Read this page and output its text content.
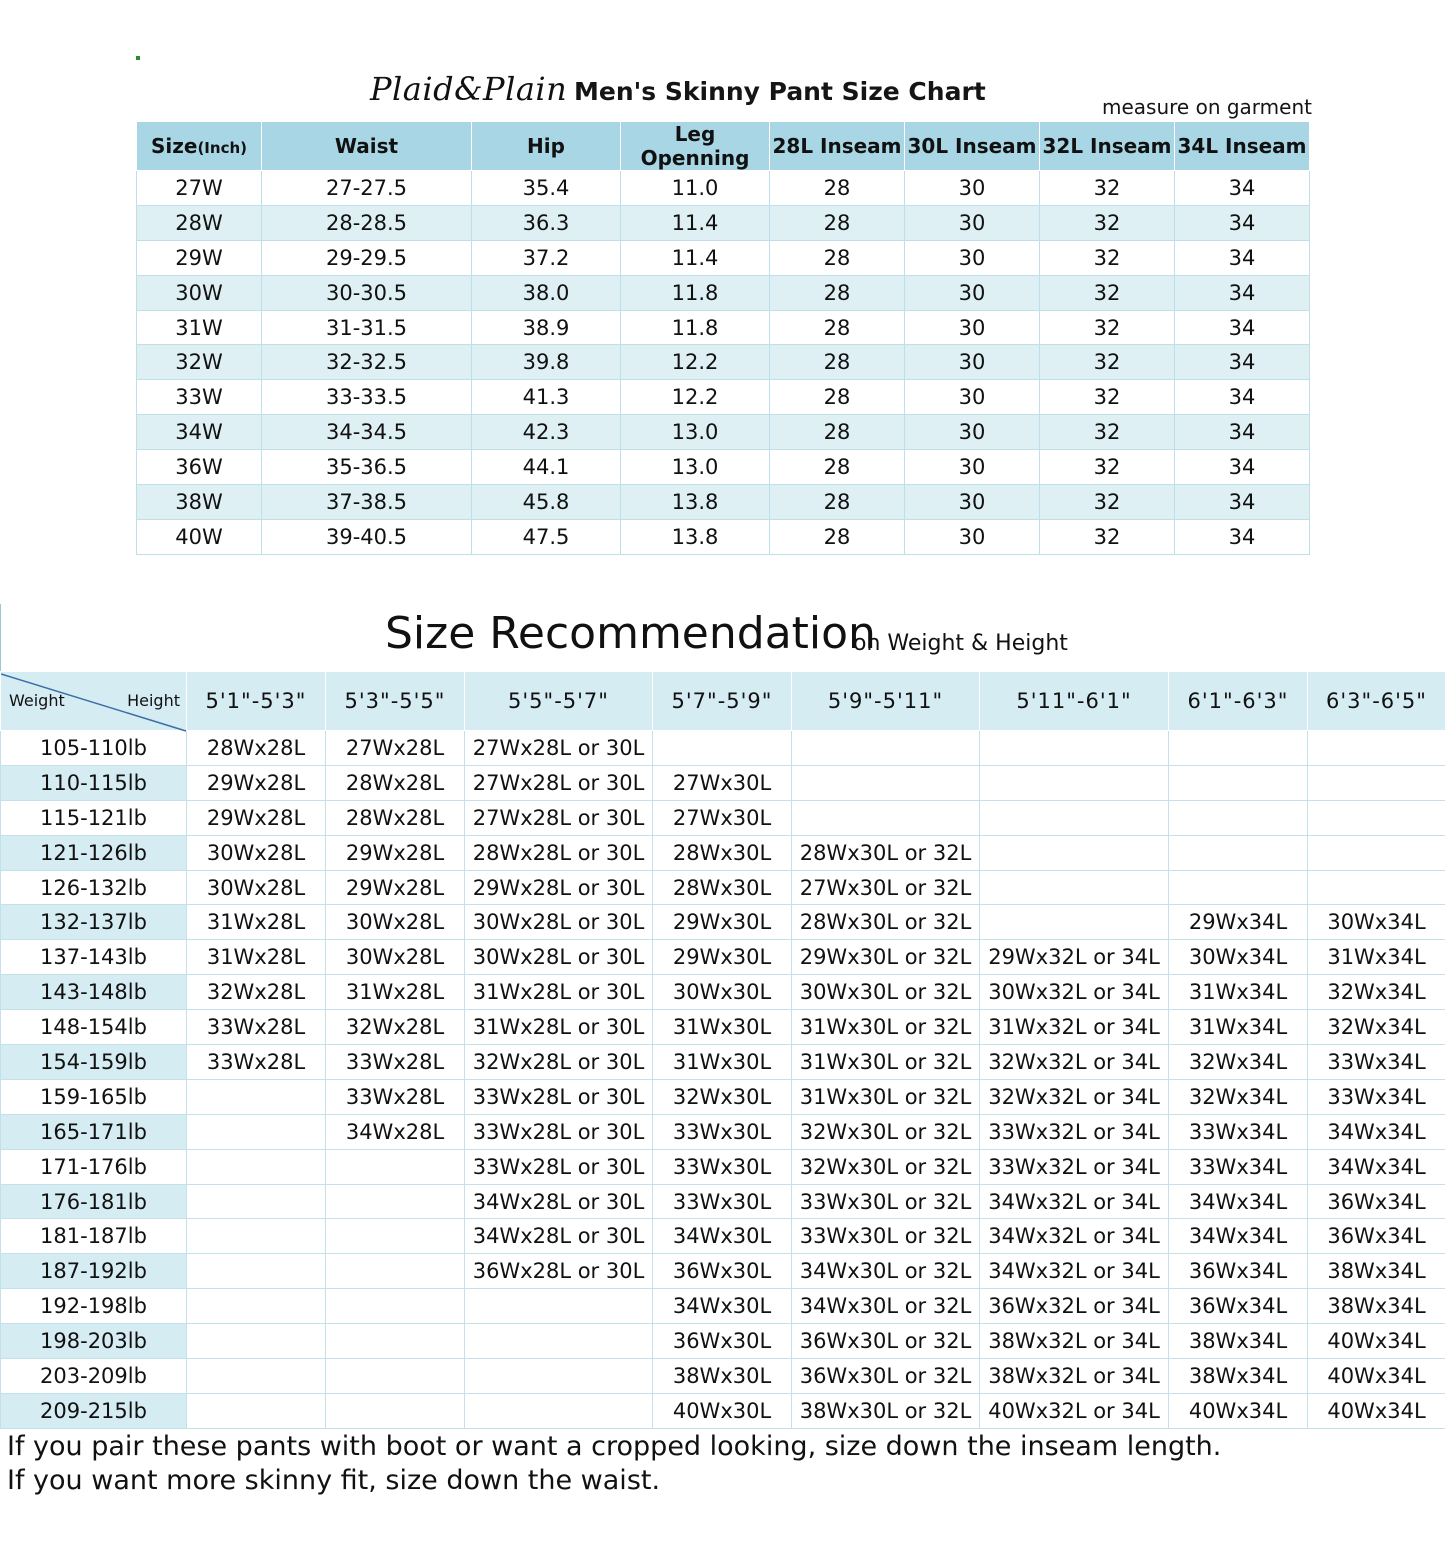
Plaid&Plain Men's Skinny Pant Size Chart
measure on garment
Size(Inch)	Waist	Hip	Leg Openning	28L Inseam	30L Inseam	32L Inseam	34L Inseam
27W	27-27.5	35.4	11.0	28	30	32	34
28W	28-28.5	36.3	11.4	28	30	32	34
29W	29-29.5	37.2	11.4	28	30	32	34
30W	30-30.5	38.0	11.8	28	30	32	34
31W	31-31.5	38.9	11.8	28	30	32	34
32W	32-32.5	39.8	12.2	28	30	32	34
33W	33-33.5	41.3	12.2	28	30	32	34
34W	34-34.5	42.3	13.0	28	30	32	34
36W	35-36.5	44.1	13.0	28	30	32	34
38W	37-38.5	45.8	13.8	28	30	32	34
40W	39-40.5	47.5	13.8	28	30	32	34
Size Recommendation
on Weight & Height
Weight Height	5'1"-5'3"	5'3"-5'5"	5'5"-5'7"	5'7"-5'9"	5'9"-5'11"	5'11"-6'1"	6'1"-6'3"	6'3"-6'5"
105-110lb	28Wx28L	27Wx28L	27Wx28L or 30L					
110-115lb	29Wx28L	28Wx28L	27Wx28L or 30L	27Wx30L				
115-121lb	29Wx28L	28Wx28L	27Wx28L or 30L	27Wx30L				
121-126lb	30Wx28L	29Wx28L	28Wx28L or 30L	28Wx30L	28Wx30L or 32L			
126-132lb	30Wx28L	29Wx28L	29Wx28L or 30L	28Wx30L	27Wx30L or 32L			
132-137lb	31Wx28L	30Wx28L	30Wx28L or 30L	29Wx30L	28Wx30L or 32L		29Wx34L	30Wx34L
137-143lb	31Wx28L	30Wx28L	30Wx28L or 30L	29Wx30L	29Wx30L or 32L	29Wx32L or 34L	30Wx34L	31Wx34L
143-148lb	32Wx28L	31Wx28L	31Wx28L or 30L	30Wx30L	30Wx30L or 32L	30Wx32L or 34L	31Wx34L	32Wx34L
148-154lb	33Wx28L	32Wx28L	31Wx28L or 30L	31Wx30L	31Wx30L or 32L	31Wx32L or 34L	31Wx34L	32Wx34L
154-159lb	33Wx28L	33Wx28L	32Wx28L or 30L	31Wx30L	31Wx30L or 32L	32Wx32L or 34L	32Wx34L	33Wx34L
159-165lb		33Wx28L	33Wx28L or 30L	32Wx30L	31Wx30L or 32L	32Wx32L or 34L	32Wx34L	33Wx34L
165-171lb		34Wx28L	33Wx28L or 30L	33Wx30L	32Wx30L or 32L	33Wx32L or 34L	33Wx34L	34Wx34L
171-176lb			33Wx28L or 30L	33Wx30L	32Wx30L or 32L	33Wx32L or 34L	33Wx34L	34Wx34L
176-181lb			34Wx28L or 30L	33Wx30L	33Wx30L or 32L	34Wx32L or 34L	34Wx34L	36Wx34L
181-187lb			34Wx28L or 30L	34Wx30L	33Wx30L or 32L	34Wx32L or 34L	34Wx34L	36Wx34L
187-192lb			36Wx28L or 30L	36Wx30L	34Wx30L or 32L	34Wx32L or 34L	36Wx34L	38Wx34L
192-198lb				34Wx30L	34Wx30L or 32L	36Wx32L or 34L	36Wx34L	38Wx34L
198-203lb				36Wx30L	36Wx30L or 32L	38Wx32L or 34L	38Wx34L	40Wx34L
203-209lb				38Wx30L	36Wx30L or 32L	38Wx32L or 34L	38Wx34L	40Wx34L
209-215lb				40Wx30L	38Wx30L or 32L	40Wx32L or 34L	40Wx34L	40Wx34L
If you pair these pants with boot or want a cropped looking, size down the inseam length.
If you want more skinny fit, size down the waist.
